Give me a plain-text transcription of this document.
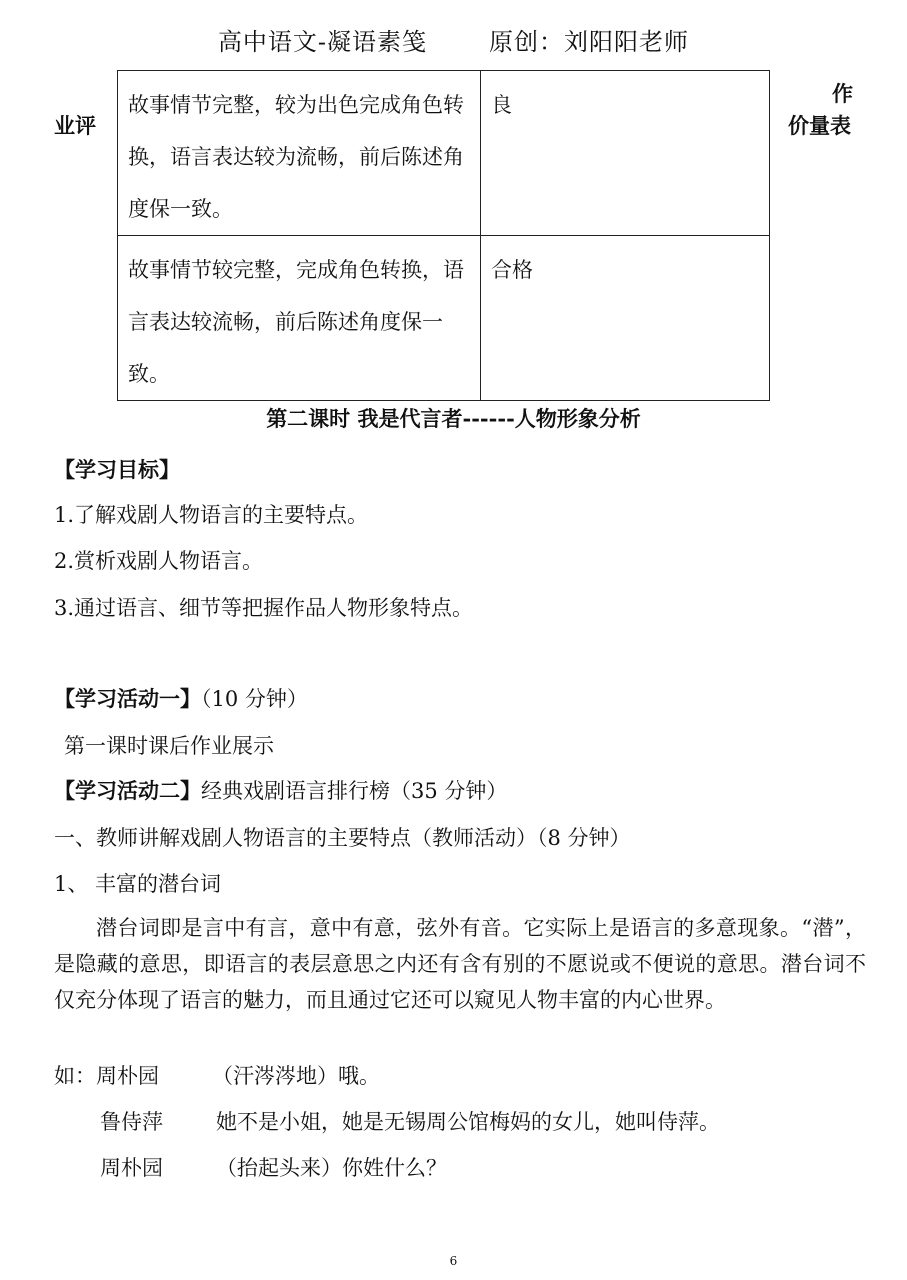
高中语文-凝语素笺	原创：刘阳阳老师
业评
作
价量表
故事情节完整，较为出色完成角色转换，语言表达较为流畅，前后陈述角度保一致。	良
故事情节较完整，完成角色转换，语言表达较流畅，前后陈述角度保一致。	合格
第二课时 我是代言者------人物形象分析
【学习目标】
1.了解戏剧人物语言的主要特点。
2.赏析戏剧人物语言。
3.通过语言、细节等把握作品人物形象特点。
【学习活动一】（10 分钟）
第一课时课后作业展示
【学习活动二】经典戏剧语言排行榜（35 分钟）
一、教师讲解戏剧人物语言的主要特点（教师活动）（8 分钟）
1、 丰富的潜台词
潜台词即是言中有言，意中有意，弦外有音。它实际上是语言的多意现象。“潜”，是隐藏的意思，即语言的表层意思之内还有含有别的不愿说或不便说的意思。潜台词不仅充分体现了语言的魅力，而且通过它还可以窥见人物丰富的内心世界。
如：周朴园	（汗涔涔地）哦。
鲁侍萍	她不是小姐，她是无锡周公馆梅妈的女儿，她叫侍萍。
周朴园	（抬起头来）你姓什么？
6
